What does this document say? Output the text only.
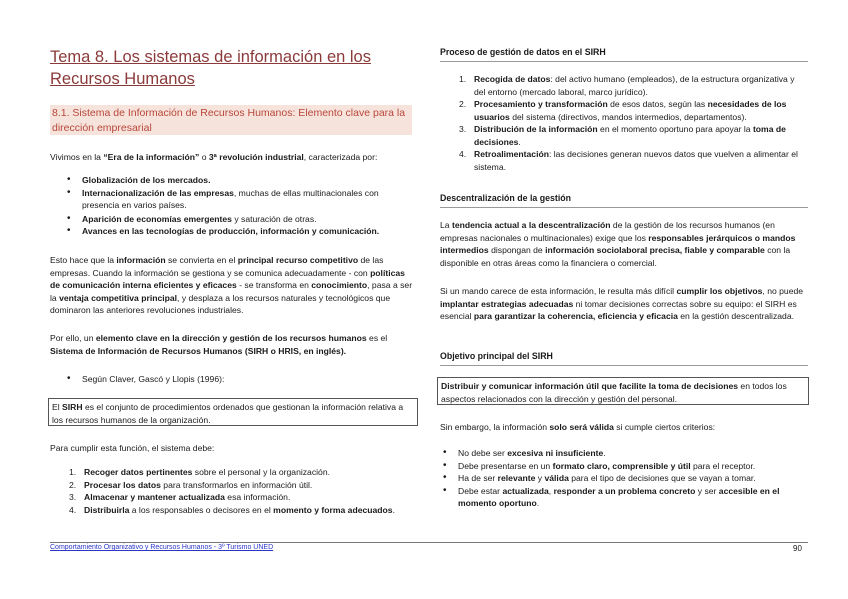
Tema 8. Los sistemas de información en los Recursos Humanos
8.1. Sistema de Información de Recursos Humanos: Elemento clave para la dirección empresarial

Vivimos en la “Era de la información” o 3ª revolución industrial, caracterizada por:

• Globalización de los mercados.
• Internacionalización de las empresas, muchas de ellas multinacionales con presencia en varios países.
• Aparición de economías emergentes y saturación de otras.
• Avances en las tecnologías de producción, información y comunicación.

Esto hace que la información se convierta en el principal recurso competitivo de las empresas. Cuando la información se gestiona y se comunica adecuadamente - con políticas de comunicación interna eficientes y eficaces - se transforma en conocimiento, pasa a ser la ventaja competitiva principal, y desplaza a los recursos naturales y tecnológicos que dominaron las anteriores revoluciones industriales.

Por ello, un elemento clave en la dirección y gestión de los recursos humanos es el Sistema de Información de Recursos Humanos (SIRH o HRIS, en inglés).

• Según Claver, Gascó y Llopis (1996):
El SIRH es el conjunto de procedimientos ordenados que gestionan la información relativa a los recursos humanos de la organización.

Para cumplir esta función, el sistema debe:

1. Recoger datos pertinentes sobre el personal y la organización.
2. Procesar los datos para transformarlos en información útil.
3. Almacenar y mantener actualizada esa información.
4. Distribuirla a los responsables o decisores en el momento y forma adecuados.
Proceso de gestión de datos en el SIRH
1. Recogida de datos: del activo humano (empleados), de la estructura organizativa y del entorno (mercado laboral, marco jurídico).
2. Procesamiento y transformación de esos datos, según las necesidades de los usuarios del sistema (directivos, mandos intermedios, departamentos).
3. Distribución de la información en el momento oportuno para apoyar la toma de decisiones.
4. Retroalimentación: las decisiones generan nuevos datos que vuelven a alimentar el sistema.
Descentralización de la gestión

La tendencia actual a la descentralización de la gestión de los recursos humanos (en empresas nacionales o multinacionales) exige que los responsables jerárquicos o mandos intermedios dispongan de información sociolaboral precisa, fiable y comparable con la disponible en otras áreas como la financiera o comercial.

Si un mando carece de esta información, le resulta más difícil cumplir los objetivos, no puede implantar estrategias adecuadas ni tomar decisiones correctas sobre su equipo: el SIRH es esencial para garantizar la coherencia, eficiencia y eficacia en la gestión descentralizada.

Objetivo principal del SIRH
Distribuir y comunicar información útil que facilite la toma de decisiones en todos los aspectos relacionados con la dirección y gestión del personal.

Sin embargo, la información solo será válida si cumple ciertos criterios:

• No debe ser excesiva ni insuficiente.
• Debe presentarse en un formato claro, comprensible y útil para el receptor.
• Ha de ser relevante y válida para el tipo de decisiones que se vayan a tomar.
• Debe estar actualizada, responder a un problema concreto y ser accesible en el momento oportuno.
Comportamiento Organizativo y Recursos Humanos - 3º Turismo UNED	90
